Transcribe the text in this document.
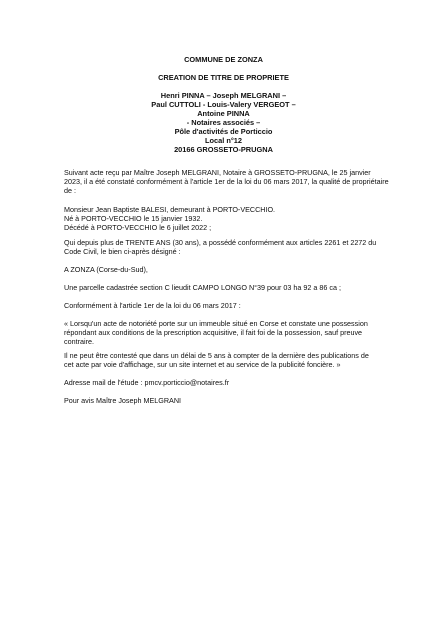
COMMUNE DE ZONZA
CREATION DE TITRE DE PROPRIETE
Henri PINNA – Joseph MELGRANI –
Paul CUTTOLI - Louis-Valery VERGEOT –
Antoine PINNA
- Notaires associés –
Pôle d'activités de Porticcio
Local n°12
20166 GROSSETO-PRUGNA
Suivant acte reçu par Maître Joseph MELGRANI, Notaire à GROSSETO-PRUGNA, le 25 janvier
2023, il a été constaté conformément à l'article 1er de la loi du 06 mars 2017, la qualité de propriétaire
de :
Monsieur Jean Baptiste BALESI, demeurant à PORTO-VECCHIO.
Né à PORTO-VECCHIO le 15 janvier 1932.
Décédé à PORTO-VECCHIO le 6 juillet 2022 ;
Qui depuis plus de TRENTE ANS (30 ans), a possédé conformément aux articles 2261 et 2272 du
Code Civil, le bien ci-après désigné :
A ZONZA (Corse-du-Sud),
Une parcelle cadastrée section C lieudit CAMPO LONGO N°39 pour 03 ha 92 a 86 ca ;
Conformément à l'article 1er de la loi du 06 mars 2017 :
« Lorsqu'un acte de notoriété porte sur un immeuble situé en Corse et constate une possession
répondant aux conditions de la prescription acquisitive, il fait foi de la possession, sauf preuve
contraire.
Il ne peut être contesté que dans un délai de 5 ans à compter de la dernière des publications de
cet acte par voie d'affichage, sur un site internet et au service de la publicité foncière. »
Adresse mail de l'étude : pmcv.porticcio@notaires.fr
Pour avis Maître Joseph MELGRANI
